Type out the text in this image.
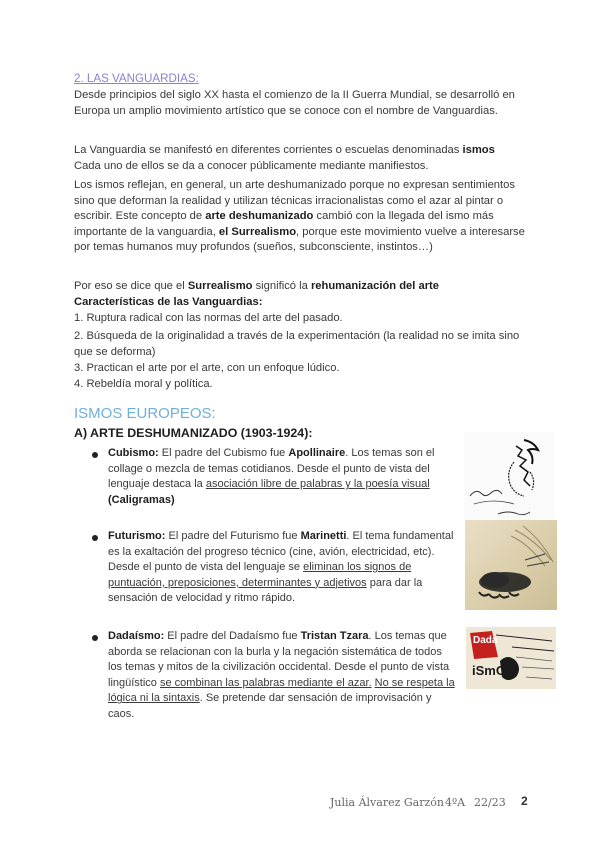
2. LAS VANGUARDIAS:

Desde principios del siglo XX hasta el comienzo de la II Guerra Mundial, se desarrolló en Europa un amplio movimiento artístico que se conoce con el nombre de Vanguardias.

La Vanguardia se manifestó en diferentes corrientes o escuelas denominadas ismos
Cada uno de ellos se da a conocer públicamente mediante manifiestos.

Los ismos reflejan, en general, un arte deshumanizado porque no expresan sentimientos sino que deforman la realidad y utilizan técnicas irracionalistas como el azar al pintar o escribir. Este concepto de arte deshumanizado cambió con la llegada del ismo más importante de la vanguardia, el Surrealismo, porque este movimiento vuelve a interesarse por temas humanos muy profundos (sueños, subconsciente, instintos…)

Por eso se dice que el Surrealismo significó la rehumanización del arte

Características de las Vanguardias:

1. Ruptura radical con las normas del arte del pasado.

2. Búsqueda de la originalidad a través de la experimentación (la realidad no se imita sino que se deforma)

3. Practican el arte por el arte, con un enfoque lúdico.

4. Rebeldía moral y política.

ISMOS EUROPEOS:
A) ARTE DESHUMANIZADO (1903-1924):

Cubismo: El padre del Cubismo fue Apollinaire. Los temas son el collage o mezcla de temas cotidianos. Desde el punto de vista del lenguaje destaca la asociación libre de palabras y la poesía visual (Caligramas)

Futurismo: El padre del Futurismo fue Marinetti. El tema fundamental es la exaltación del progreso técnico (cine, avión, electricidad, etc). Desde el punto de vista del lenguaje se eliminan los signos de puntuación, preposiciones, determinantes y adjetivos para dar la sensación de velocidad y ritmo rápido.

Dadaísmo: El padre del Dadaísmo fue Tristan Tzara. Los temas que aborda se relacionan con la burla y la negación sistemática de todos los temas y mitos de la civilización occidental. Desde el punto de vista lingüístico se combinan las palabras mediante el azar. No se respeta la lógica ni la sintaxis. Se pretende dar sensación de improvisación y caos.

Dada
iSmO
Julia Álvarez Garzón 4ºA 22/23 2
